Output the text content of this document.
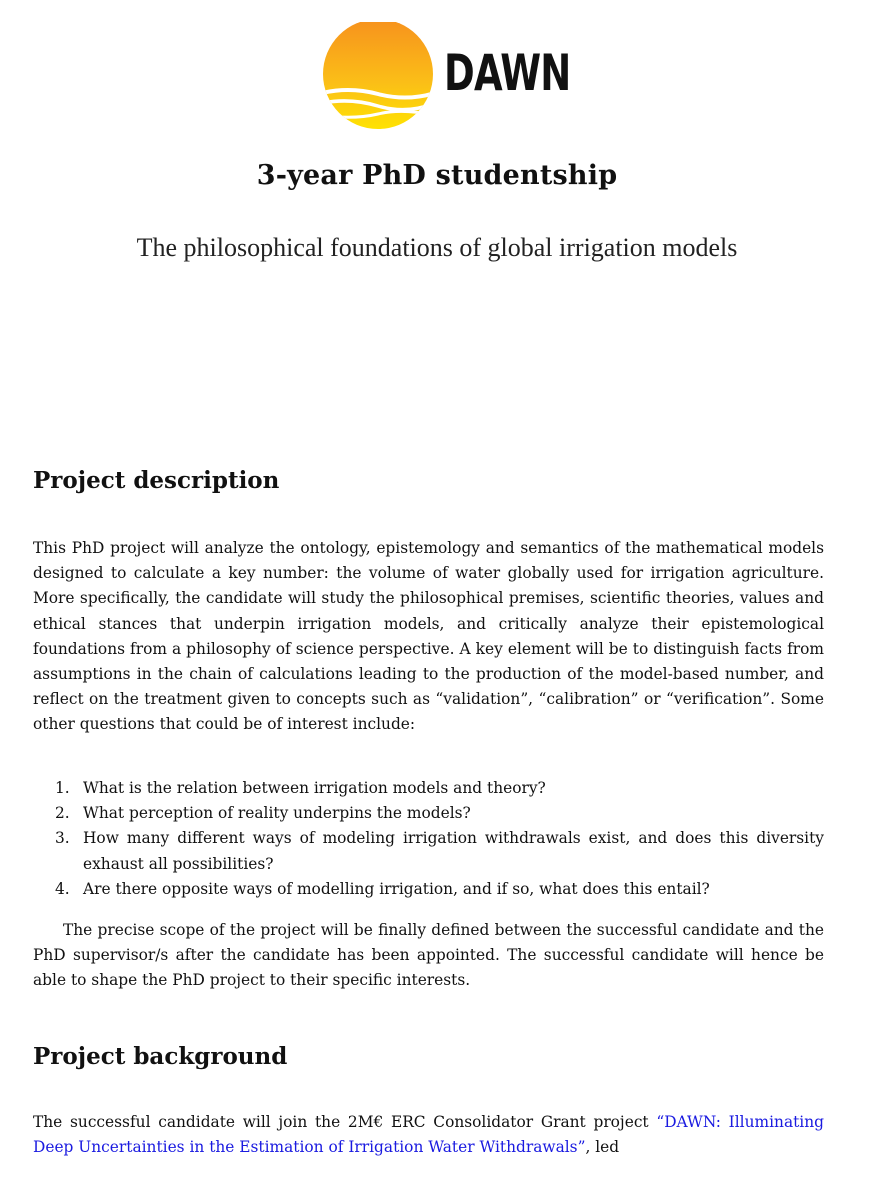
DAWN
3-year PhD studentship
The philosophical foundations of global irrigation models
Project description

This PhD project will analyze the ontology, epistemology and semantics of the mathematical models designed to calculate a key number: the volume of water globally used for irrigation agriculture. More specifically, the candidate will study the philosophical premises, scientific theories, values and ethical stances that underpin irrigation models, and critically analyze their epistemological foundations from a philosophy of science perspective. A key element will be to distinguish facts from assumptions in the chain of calculations leading to the production of the model-based number, and reflect on the treatment given to concepts such as “validation”, “calibration” or “verification”. Some other questions that could be of interest include:

1. What is the relation between irrigation models and theory?
2. What perception of reality underpins the models?
3. How many different ways of modeling irrigation withdrawals exist, and does this diversity exhaust all possibilities?
4. Are there opposite ways of modelling irrigation, and if so, what does this entail?

The precise scope of the project will be finally defined between the successful candidate and the PhD supervisor/s after the candidate has been appointed. The successful candidate will hence be able to shape the PhD project to their specific interests.

Project background

The successful candidate will join the 2M€ ERC Consolidator Grant project “DAWN: Illuminating Deep Uncertainties in the Estimation of Irrigation Water Withdrawals”, led
